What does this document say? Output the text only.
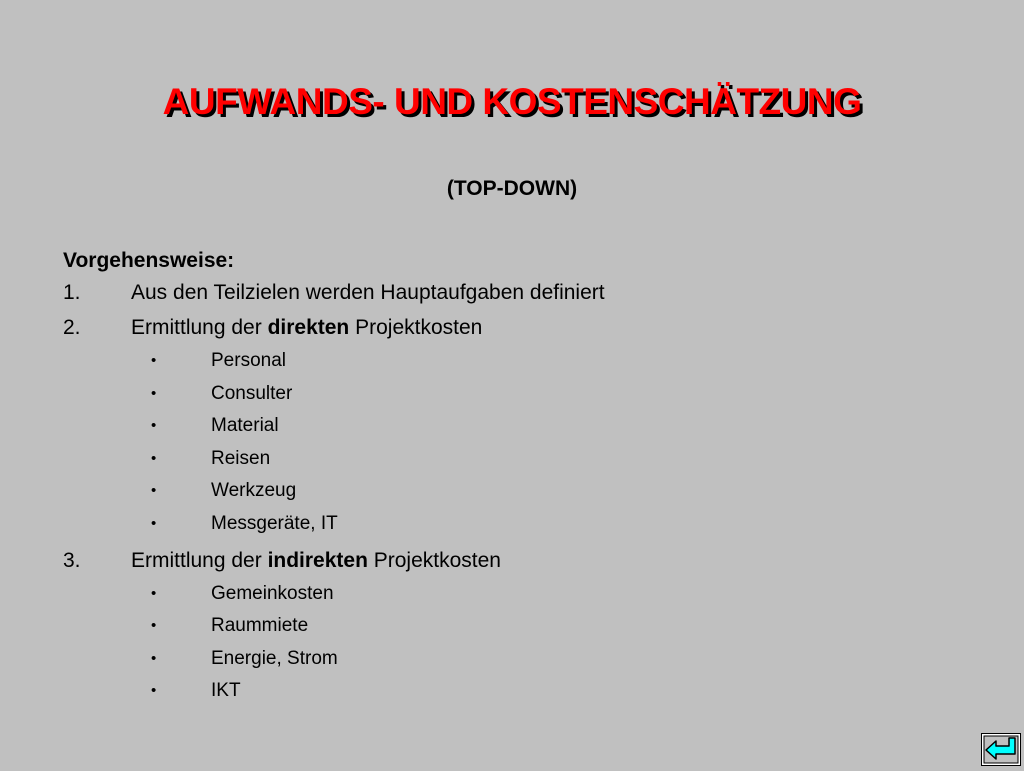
AUFWANDS- UND KOSTENSCHÄTZUNG
(TOP-DOWN)
Vorgehensweise:
1. Aus den Teilzielen werden Hauptaufgaben definiert
2. Ermittlung der direkten Projektkosten
•	Personal
•	Consulter
•	Material
•	Reisen
•	Werkzeug
•	Messgeräte, IT
3. Ermittlung der indirekten Projektkosten
•	Gemeinkosten
•	Raummiete
•	Energie, Strom
•	IKT
